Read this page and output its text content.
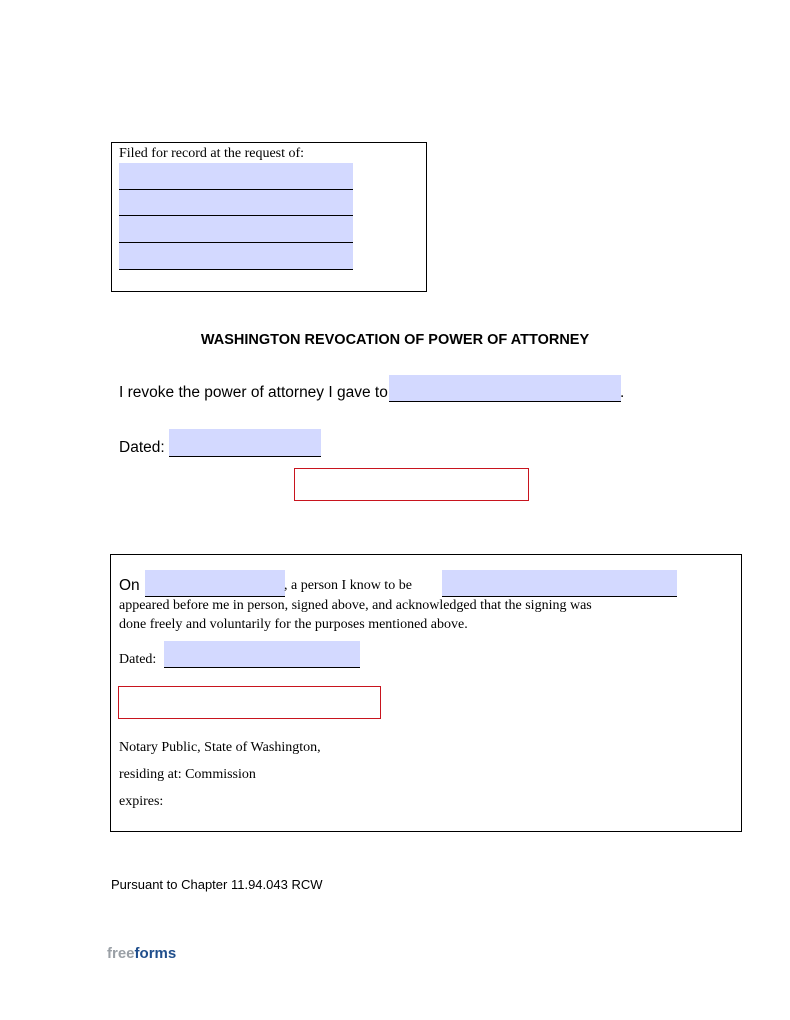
Filed for record at the request of:
WASHINGTON REVOCATION OF POWER OF ATTORNEY
I revoke the power of attorney I gave to	.
Dated:
On	, a person I know to be
appeared before me in person, signed above, and acknowledged that the signing was
done freely and voluntarily for the purposes mentioned above.
Dated:
Notary Public, State of Washington,
residing at: Commission
expires:
Pursuant to Chapter 11.94.043 RCW
freeforms
